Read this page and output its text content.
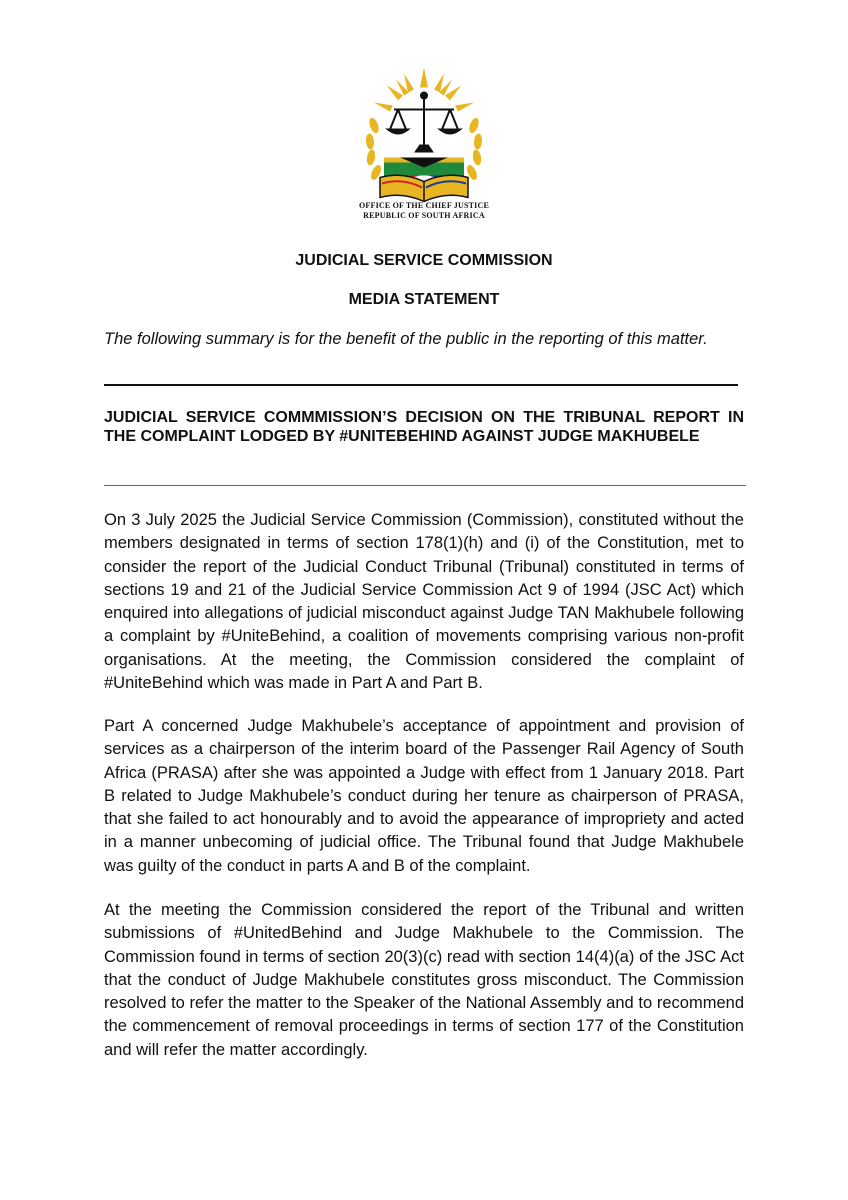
OFFICE OF THE CHIEF JUSTICE
REPUBLIC OF SOUTH AFRICA
JUDICIAL SERVICE COMMISSION
MEDIA STATEMENT
The following summary is for the benefit of the public in the reporting of this matter.
JUDICIAL SERVICE COMMMISSION’S DECISION ON THE TRIBUNAL REPORT IN THE COMPLAINT LODGED BY #UNITEBEHIND AGAINST JUDGE MAKHUBELE

On 3 July 2025 the Judicial Service Commission (Commission), constituted without the members designated in terms of section 178(1)(h) and (i) of the Constitution, met to consider the report of the Judicial Conduct Tribunal (Tribunal) constituted in terms of sections 19 and 21 of the Judicial Service Commission Act 9 of 1994 (JSC Act) which enquired into allegations of judicial misconduct against Judge TAN Makhubele following a complaint by #UniteBehind, a coalition of movements comprising various non-profit organisations. At the meeting, the Commission considered the complaint of #UniteBehind which was made in Part A and Part B.

Part A concerned Judge Makhubele’s acceptance of appointment and provision of services as a chairperson of the interim board of the Passenger Rail Agency of South Africa (PRASA) after she was appointed a Judge with effect from 1 January 2018. Part B related to Judge Makhubele’s conduct during her tenure as chairperson of PRASA, that she failed to act honourably and to avoid the appearance of impropriety and acted in a manner unbecoming of judicial office. The Tribunal found that Judge Makhubele was guilty of the conduct in parts A and B of the complaint.

At the meeting the Commission considered the report of the Tribunal and written submissions of #UnitedBehind and Judge Makhubele to the Commission. The Commission found in terms of section 20(3)(c) read with section 14(4)(a) of the JSC Act that the conduct of Judge Makhubele constitutes gross misconduct. The Commission resolved to refer the matter to the Speaker of the National Assembly and to recommend the commencement of removal proceedings in terms of section 177 of the Constitution and will refer the matter accordingly.
